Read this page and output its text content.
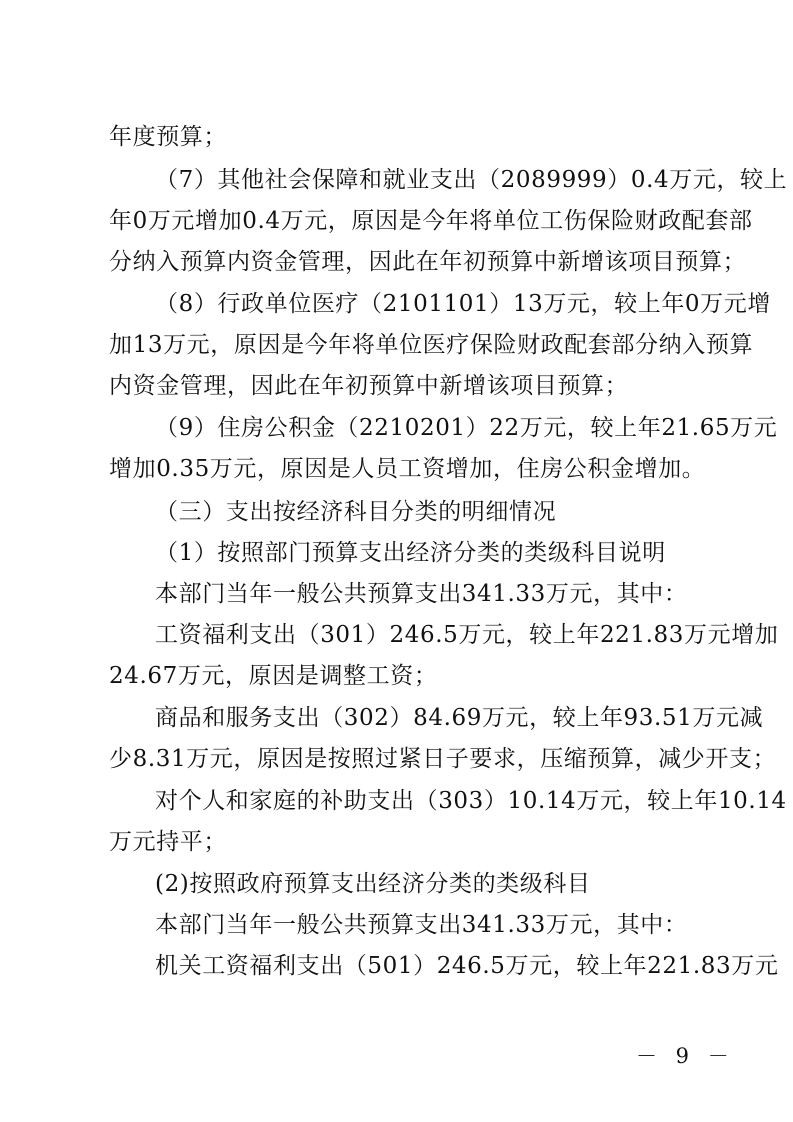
年度预算；
（7）其他社会保障和就业支出（2089999）0.4万元，较上
年0万元增加0.4万元，原因是今年将单位工伤保险财政配套部
分纳入预算内资金管理，因此在年初预算中新增该项目预算；
（8）行政单位医疗（2101101）13万元，较上年0万元增
加13万元，原因是今年将单位医疗保险财政配套部分纳入预算
内资金管理，因此在年初预算中新增该项目预算；
（9）住房公积金（2210201）22万元，较上年21.65万元
增加0.35万元，原因是人员工资增加，住房公积金增加。
（三）支出按经济科目分类的明细情况
（1）按照部门预算支出经济分类的类级科目说明
本部门当年一般公共预算支出341.33万元，其中：
工资福利支出（301）246.5万元，较上年221.83万元增加
24.67万元，原因是调整工资；
商品和服务支出（302）84.69万元，较上年93.51万元减
少8.31万元，原因是按照过紧日子要求，压缩预算，减少开支；
对个人和家庭的补助支出（303）10.14万元，较上年10.14
万元持平；
(2)按照政府预算支出经济分类的类级科目
本部门当年一般公共预算支出341.33万元，其中：
机关工资福利支出（501）246.5万元，较上年221.83万元
－ 9 －
